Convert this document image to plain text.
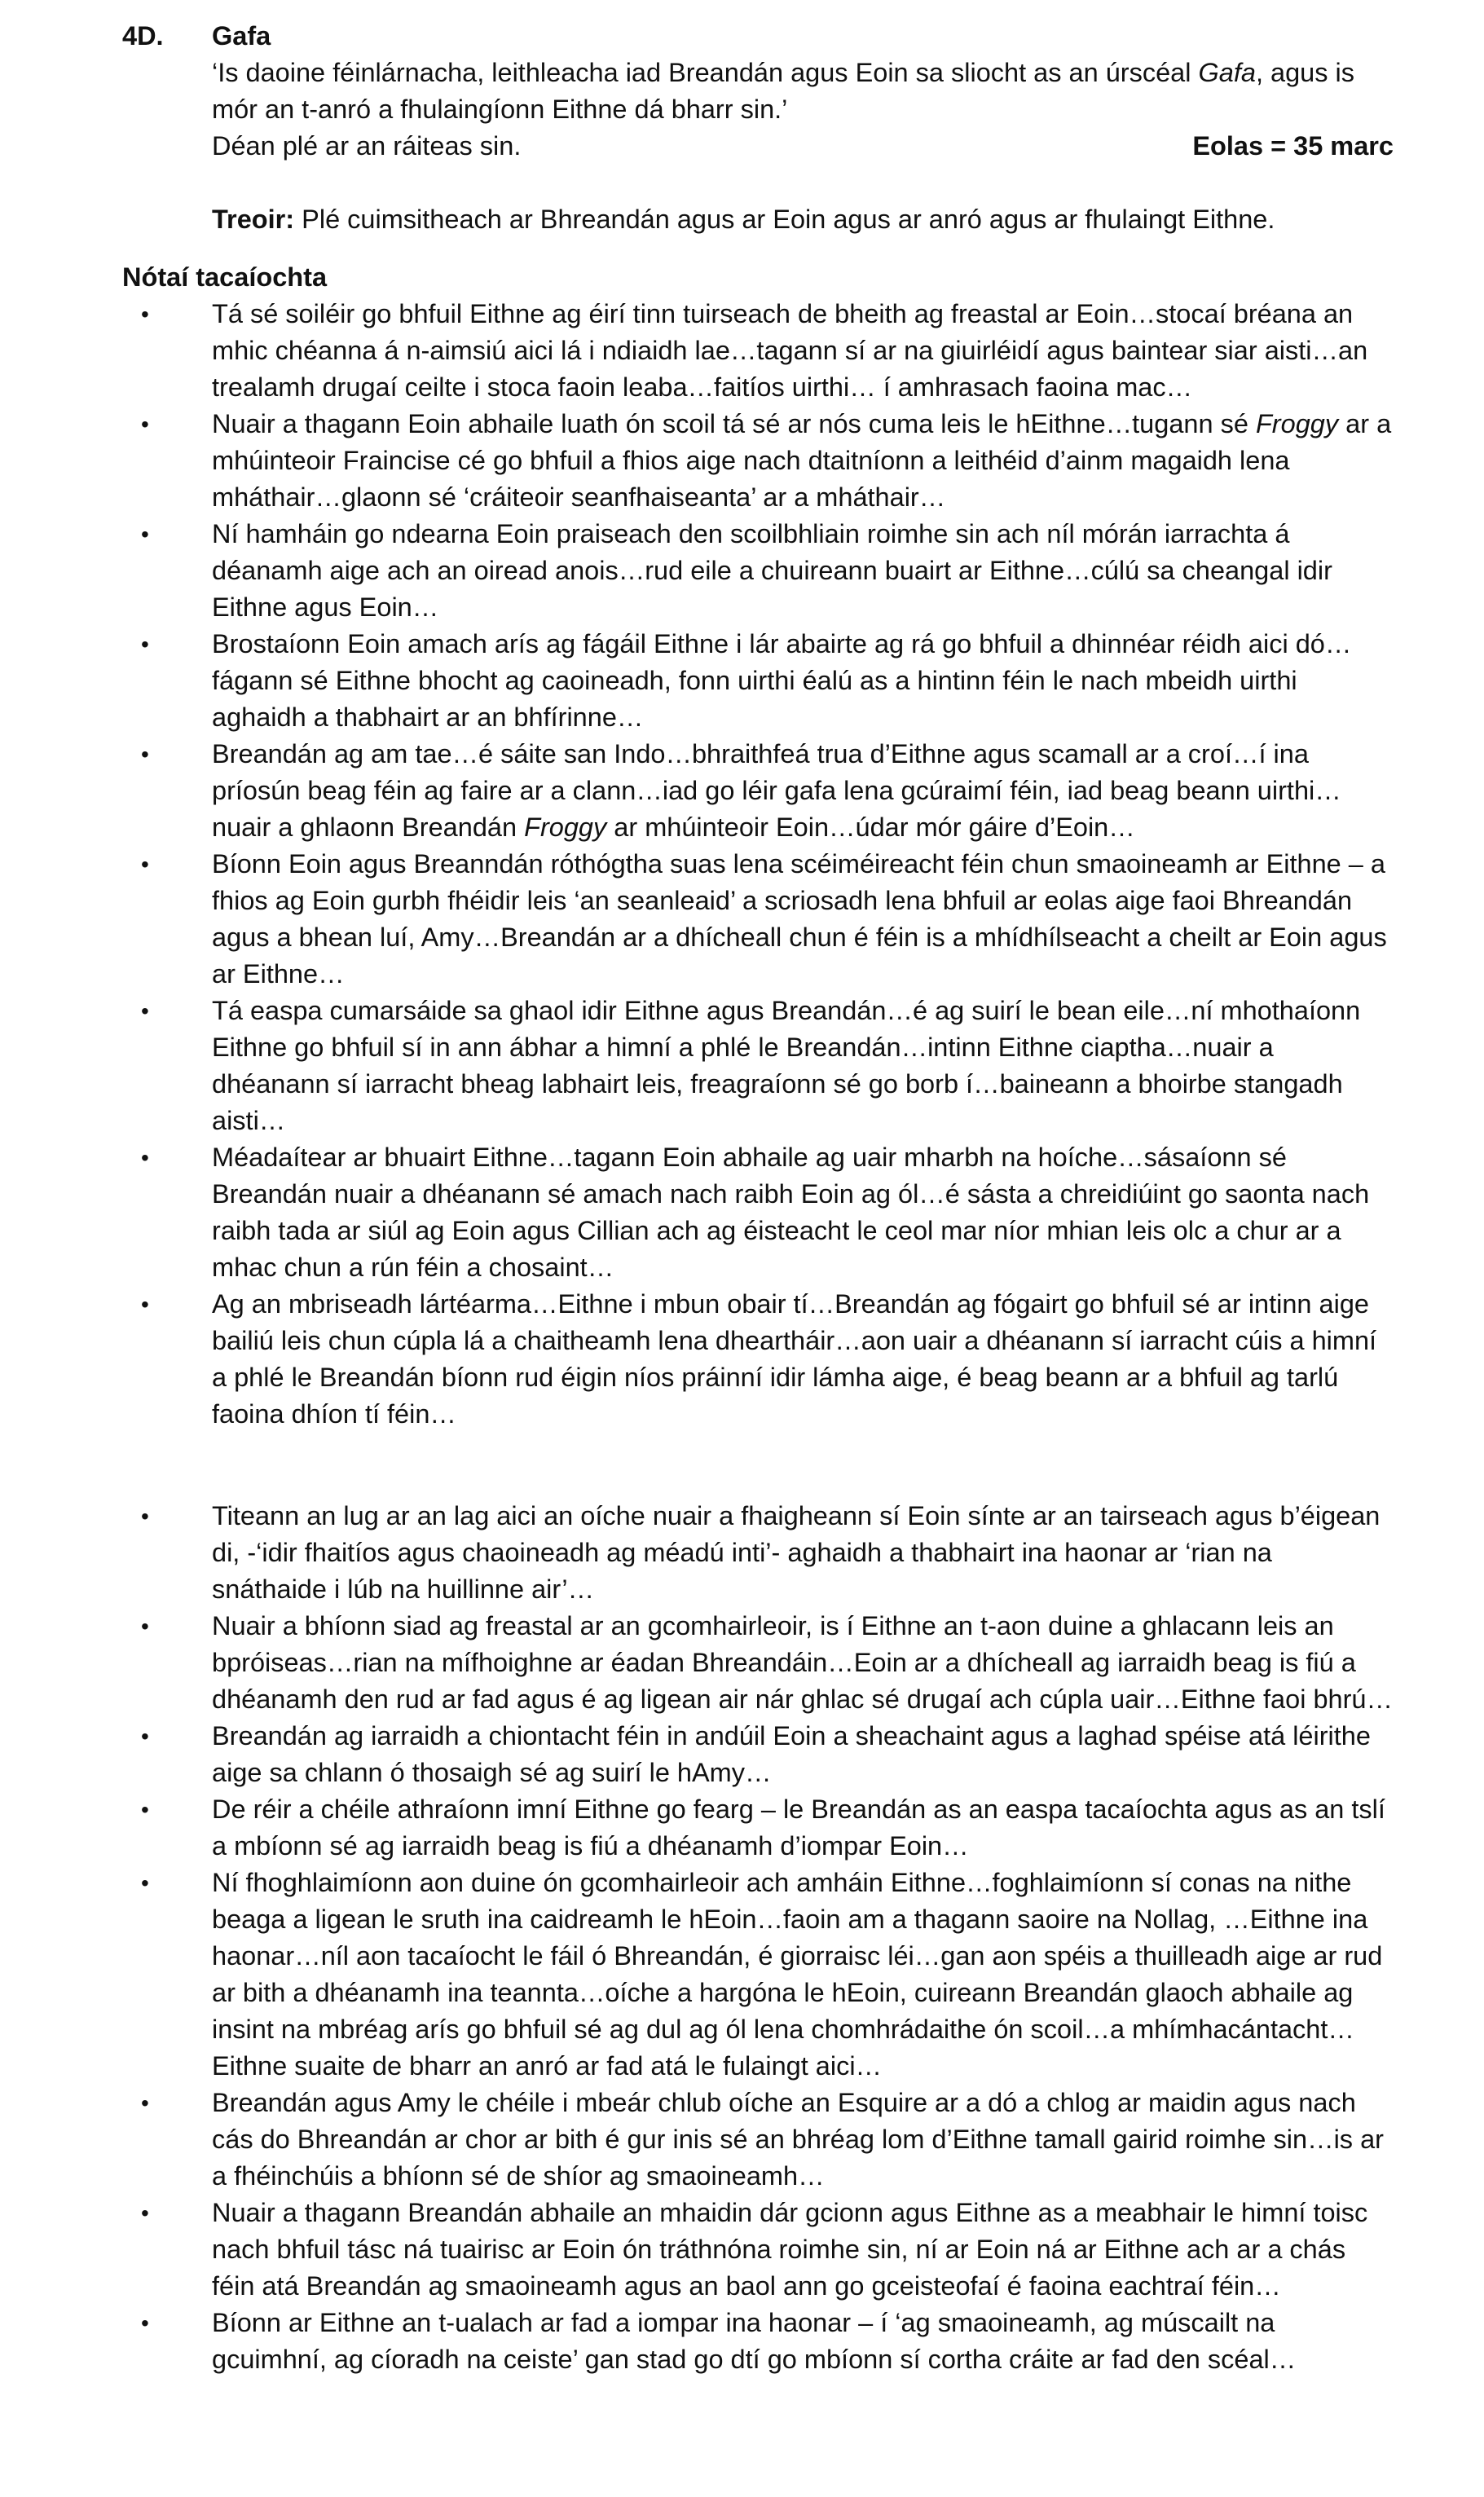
4D. Gafa

‘Is daoine féinlárnacha, leithleacha iad Breandán agus Eoin sa sliocht as an úrscéal Gafa, agus is mór an t-anró a fhulaingíonn Eithne dá bharr sin.’

Déan plé ar an ráiteas sin.	Eolas = 35 marc

Treoir: Plé cuimsitheach ar Bhreandán agus ar Eoin agus ar anró agus ar fhulaingt Eithne.

Nótaí tacaíochta
• Tá sé soiléir go bhfuil Eithne ag éirí tinn tuirseach de bheith ag freastal ar Eoin…stocaí bréana an mhic chéanna á n-aimsiú aici lá i ndiaidh lae…tagann sí ar na giuirléidí agus baintear siar aisti…an trealamh drugaí ceilte i stoca faoin leaba…faitíos uirthi… í amhrasach faoina mac…
• Nuair a thagann Eoin abhaile luath ón scoil tá sé ar nós cuma leis le hEithne…tugann sé Froggy ar a mhúinteoir Fraincise cé go bhfuil a fhios aige nach dtaitníonn a leithéid d’ainm magaidh lena mháthair…glaonn sé ‘cráiteoir seanfhaiseanta’ ar a mháthair…
• Ní hamháin go ndearna Eoin praiseach den scoilbhliain roimhe sin ach níl mórán iarrachta á déanamh aige ach an oiread anois…rud eile a chuireann buairt ar Eithne…cúlú sa cheangal idir Eithne agus Eoin…
• Brostaíonn Eoin amach arís ag fágáil Eithne i lár abairte ag rá go bhfuil a dhinnéar réidh aici dó…fágann sé Eithne bhocht ag caoineadh, fonn uirthi éalú as a hintinn féin le nach mbeidh uirthi aghaidh a thabhairt ar an bhfírinne…
• Breandán ag am tae…é sáite san Indo…bhraithfeá trua d’Eithne agus scamall ar a croí…í ina príosún beag féin ag faire ar a clann…iad go léir gafa lena gcúraimí féin, iad beag beann uirthi…nuair a ghlaonn Breandán Froggy ar mhúinteoir Eoin…údar mór gáire d’Eoin…
• Bíonn Eoin agus Breanndán róthógtha suas lena scéiméireacht féin chun smaoineamh ar Eithne – a fhios ag Eoin gurbh fhéidir leis ‘an seanleaid’ a scriosadh lena bhfuil ar eolas aige faoi Bhreandán agus a bhean luí, Amy…Breandán ar a dhícheall chun é féin is a mhídhílseacht a cheilt ar Eoin agus ar Eithne…
• Tá easpa cumarsáide sa ghaol idir Eithne agus Breandán…é ag suirí le bean eile…ní mhothaíonn Eithne go bhfuil sí in ann ábhar a himní a phlé le Breandán…intinn Eithne ciaptha…nuair a dhéanann sí iarracht bheag labhairt leis, freagraíonn sé go borb í…baineann a bhoirbe stangadh aisti…
• Méadaítear ar bhuairt Eithne…tagann Eoin abhaile ag uair mharbh na hoíche…sásaíonn sé Breandán nuair a dhéanann sé amach nach raibh Eoin ag ól…é sásta a chreidiúint go saonta nach raibh tada ar siúl ag Eoin agus Cillian ach ag éisteacht le ceol mar níor mhian leis olc a chur ar a mhac chun a rún féin a chosaint…
• Ag an mbriseadh lártéarma…Eithne i mbun obair tí…Breandán ag fógairt go bhfuil sé ar intinn aige bailiú leis chun cúpla lá a chaitheamh lena dheartháir…aon uair a dhéanann sí iarracht cúis a himní a phlé le Breandán bíonn rud éigin níos práinní idir lámha aige, é beag beann ar a bhfuil ag tarlú faoina dhíon tí féin…
• Titeann an lug ar an lag aici an oíche nuair a fhaigheann sí Eoin sínte ar an tairseach agus b’éigean di, -‘idir fhaitíos agus chaoineadh ag méadú inti’- aghaidh a thabhairt ina haonar ar ‘rian na snáthaide i lúb na huillinne air’…
• Nuair a bhíonn siad ag freastal ar an gcomhairleoir, is í Eithne an t-aon duine a ghlacann leis an bpróiseas…rian na mífhoighne ar éadan Bhreandáin…Eoin ar a dhícheall ag iarraidh beag is fiú a dhéanamh den rud ar fad agus é ag ligean air nár ghlac sé drugaí ach cúpla uair…Eithne faoi bhrú…
• Breandán ag iarraidh a chiontacht féin in andúil Eoin a sheachaint agus a laghad spéise atá léirithe aige sa chlann ó thosaigh sé ag suirí le hAmy…
• De réir a chéile athraíonn imní Eithne go fearg – le Breandán as an easpa tacaíochta agus as an tslí a mbíonn sé ag iarraidh beag is fiú a dhéanamh d’iompar Eoin…
• Ní fhoghlaimíonn aon duine ón gcomhairleoir ach amháin Eithne…foghlaimíonn sí conas na nithe beaga a ligean le sruth ina caidreamh le hEoin…faoin am a thagann saoire na Nollag, …Eithne ina haonar…níl aon tacaíocht le fáil ó Bhreandán, é giorraisc léi…gan aon spéis a thuilleadh aige ar rud ar bith a dhéanamh ina teannta…oíche a hargóna le hEoin, cuireann Breandán glaoch abhaile ag insint na mbréag arís go bhfuil sé ag dul ag ól lena chomhrádaithe ón scoil…a mhímhacántacht…Eithne suaite de bharr an anró ar fad atá le fulaingt aici…
• Breandán agus Amy le chéile i mbeár chlub oíche an Esquire ar a dó a chlog ar maidin agus nach cás do Bhreandán ar chor ar bith é gur inis sé an bhréag lom d’Eithne tamall gairid roimhe sin…is ar a fhéinchúis a bhíonn sé de shíor ag smaoineamh…
• Nuair a thagann Breandán abhaile an mhaidin dár gcionn agus Eithne as a meabhair le himní toisc nach bhfuil tásc ná tuairisc ar Eoin ón tráthnóna roimhe sin, ní ar Eoin ná ar Eithne ach ar a chás féin atá Breandán ag smaoineamh agus an baol ann go gceisteofaí é faoina eachtraí féin…
• Bíonn ar Eithne an t-ualach ar fad a iompar ina haonar – í ‘ag smaoineamh, ag múscailt na gcuimhní, ag cíoradh na ceiste’ gan stad go dtí go mbíonn sí cortha cráite ar fad den scéal…
